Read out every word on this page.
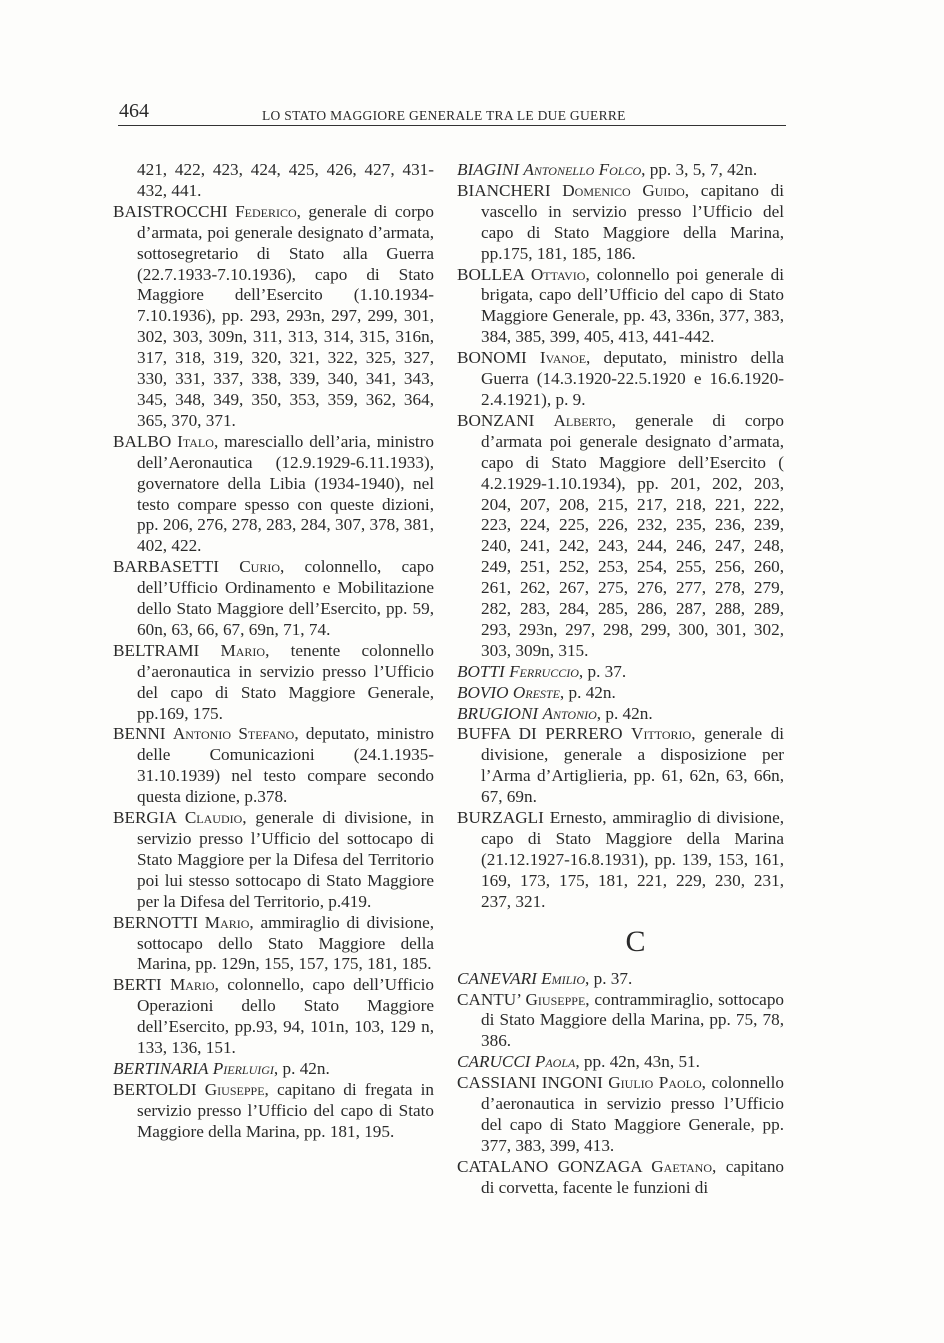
464	LO STATO MAGGIORE GENERALE TRA LE DUE GUERRE
421, 422, 423, 424, 425, 426, 427, 431-432, 441.
BAISTROCCHI Federico, generale di corpo d’armata, poi generale designato d’armata, sottosegretario di Stato alla Guerra (22.7.1933-7.10.1936), capo di Stato Maggiore dell’Esercito (1.10.1934-7.10.1936), pp. 293, 293n, 297, 299, 301, 302, 303, 309n, 311, 313, 314, 315, 316n, 317, 318, 319, 320, 321, 322, 325, 327, 330, 331, 337, 338, 339, 340, 341, 343, 345, 348, 349, 350, 353, 359, 362, 364, 365, 370, 371.
BALBO Italo, maresciallo dell’aria, ministro dell’Aeronautica (12.9.1929-6.11.1933), governatore della Libia (1934-1940), nel testo compare spesso con queste dizioni, pp. 206, 276, 278, 283, 284, 307, 378, 381, 402, 422.
BARBASETTI Curio, colonnello, capo dell’Ufficio Ordinamento e Mobilitazione dello Stato Maggiore dell’Esercito, pp. 59, 60n, 63, 66, 67, 69n, 71, 74.
BELTRAMI Mario, tenente colonnello d’aeronautica in servizio presso l’Ufficio del capo di Stato Maggiore Generale, pp.169, 175.
BENNI Antonio Stefano, deputato, ministro delle Comunicazioni (24.1.1935-31.10.1939) nel testo compare secondo questa dizione, p.378.
BERGIA Claudio, generale di divisione, in servizio presso l’Ufficio del sottocapo di Stato Maggiore per la Difesa del Territorio poi lui stesso sottocapo di Stato Maggiore per la Difesa del Territorio, p.419.
BERNOTTI Mario, ammiraglio di divisione, sottocapo dello Stato Maggiore della Marina, pp. 129n, 155, 157, 175, 181, 185.
BERTI Mario, colonnello, capo dell’Ufficio Operazioni dello Stato Maggiore dell’Esercito, pp.93, 94, 101n, 103, 129 n, 133, 136, 151.
BERTINARIA Pierluigi, p. 42n.
BERTOLDI Giuseppe, capitano di fregata in servizio presso l’Ufficio del capo di Stato Maggiore della Marina, pp. 181, 195.
BIAGINI Antonello Folco, pp. 3, 5, 7, 42n.
BIANCHERI Domenico Guido, capitano di vascello in servizio presso l’Ufficio del capo di Stato Maggiore della Marina, pp.175, 181, 185, 186.
BOLLEA Ottavio, colonnello poi generale di brigata, capo dell’Ufficio del capo di Stato Maggiore Generale, pp. 43, 336n, 377, 383, 384, 385, 399, 405, 413, 441-442.
BONOMI Ivanoe, deputato, ministro della Guerra (14.3.1920-22.5.1920 e 16.6.1920-2.4.1921), p. 9.
BONZANI Alberto, generale di corpo d’armata poi generale designato d’armata, capo di Stato Maggiore dell’Esercito ( 4.2.1929-1.10.1934), pp. 201, 202, 203, 204, 207, 208, 215, 217, 218, 221, 222, 223, 224, 225, 226, 232, 235, 236, 239, 240, 241, 242, 243, 244, 246, 247, 248, 249, 251, 252, 253, 254, 255, 256, 260, 261, 262, 267, 275, 276, 277, 278, 279, 282, 283, 284, 285, 286, 287, 288, 289, 293, 293n, 297, 298, 299, 300, 301, 302, 303, 309n, 315.
BOTTI Ferruccio, p. 37.
BOVIO Oreste, p. 42n.
BRUGIONI Antonio, p. 42n.
BUFFA DI PERRERO Vittorio, generale di divisione, generale a disposizione per l’Arma d’Artiglieria, pp. 61, 62n, 63, 66n, 67, 69n.
BURZAGLI Ernesto, ammiraglio di divisione, capo di Stato Maggiore della Marina (21.12.1927-16.8.1931), pp. 139, 153, 161, 169, 173, 175, 181, 221, 229, 230, 231, 237, 321.
C
CANEVARI Emilio, p. 37.
CANTU’ Giuseppe, contrammiraglio, sottocapo di Stato Maggiore della Marina, pp. 75, 78, 386.
CARUCCI Paola, pp. 42n, 43n, 51.
CASSIANI INGONI Giulio Paolo, colonnello d’aeronautica in servizio presso l’Ufficio del capo di Stato Maggiore Generale, pp. 377, 383, 399, 413.
CATALANO GONZAGA Gaetano, capitano di corvetta, facente le funzioni di
